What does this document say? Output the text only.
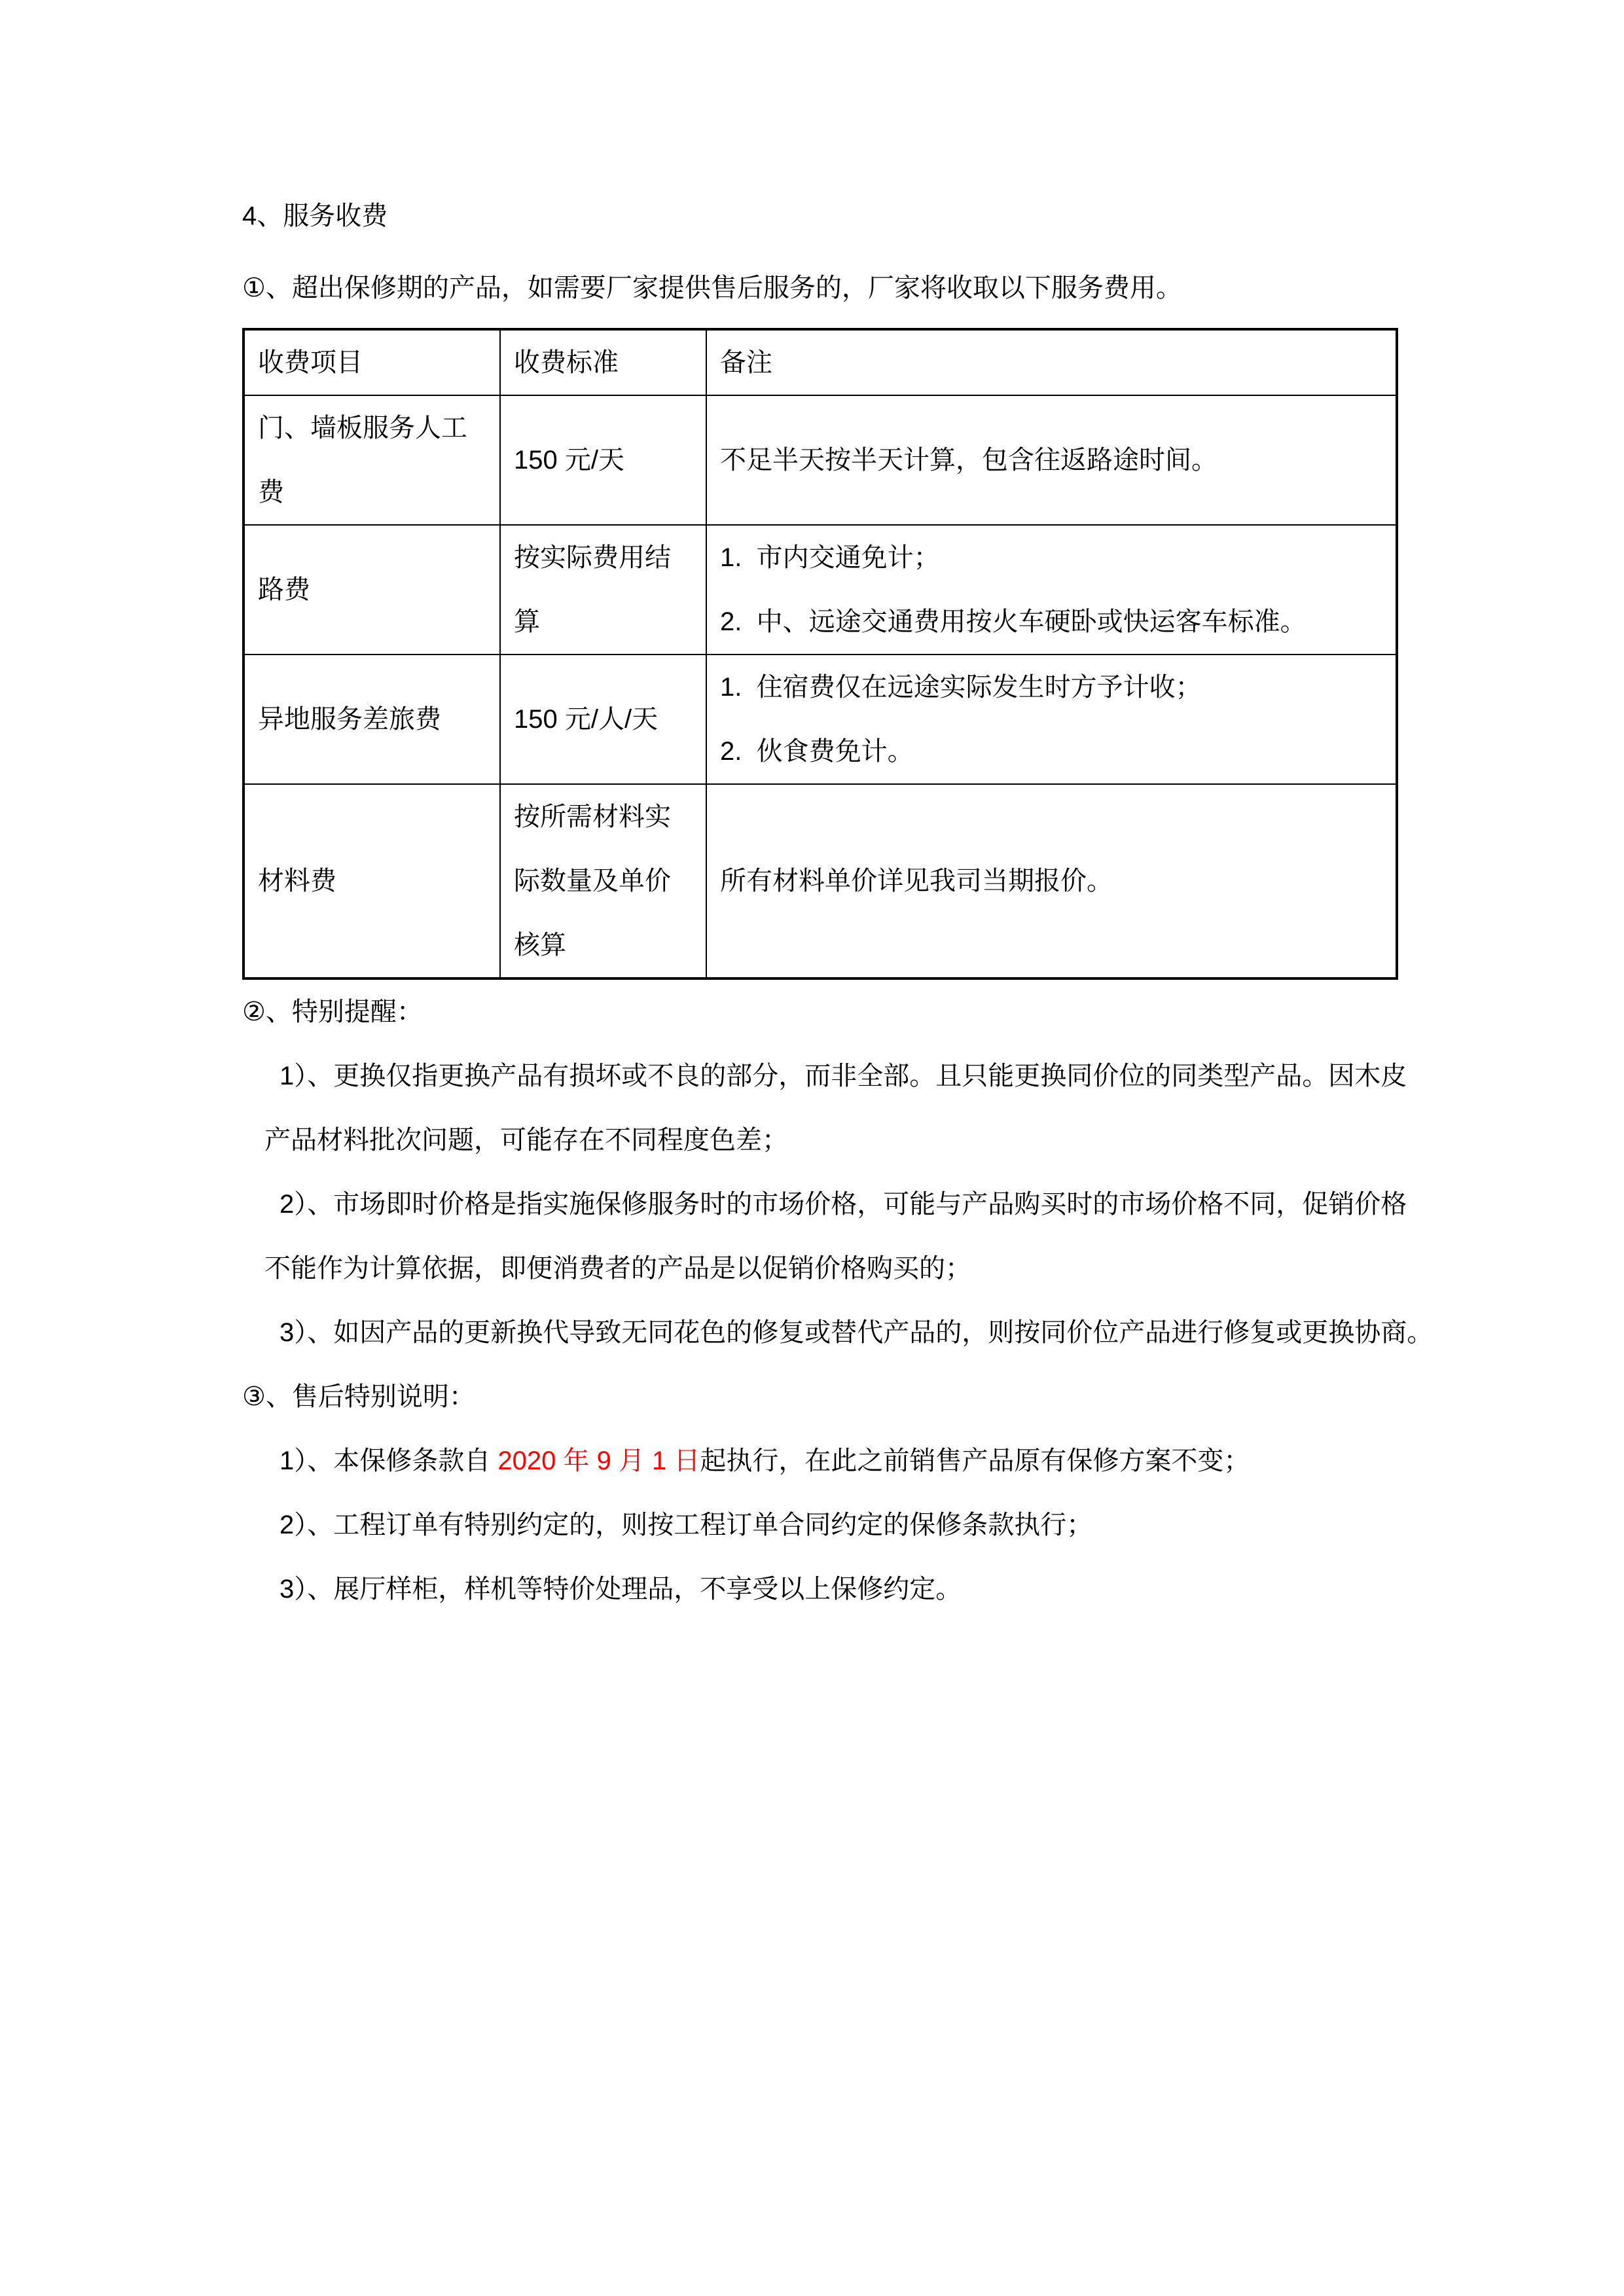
4、服务收费
①、超出保修期的产品，如需要厂家提供售后服务的，厂家将收取以下服务费用。
收费项目	收费标准	备注
门、墙板服务人工费	150 元/天	不足半天按半天计算，包含往返路途时间。

路费	按实际费用结算	1.  市内交通免计；
2.  中、远途交通费用按火车硬卧或快运客车标准。

异地服务差旅费	150 元/人/天	1.  住宿费仅在远途实际发生时方予计收；
2.  伙食费免计。

材料费	按所需材料实际数量及单价核算	所有材料单价详见我司当期报价。
②、特别提醒：
1）、更换仅指更换产品有损坏或不良的部分，而非全部。且只能更换同价位的同类型产品。因木皮
产品材料批次问题，可能存在不同程度色差；
2）、市场即时价格是指实施保修服务时的市场价格，可能与产品购买时的市场价格不同，促销价格
不能作为计算依据，即便消费者的产品是以促销价格购买的；
3）、如因产品的更新换代导致无同花色的修复或替代产品的，则按同价位产品进行修复或更换协商。
③、售后特别说明：
1）、本保修条款自 2020 年 9 月 1 日起执行，在此之前销售产品原有保修方案不变；
2）、工程订单有特别约定的，则按工程订单合同约定的保修条款执行；
3）、展厅样柜，样机等特价处理品，不享受以上保修约定。
